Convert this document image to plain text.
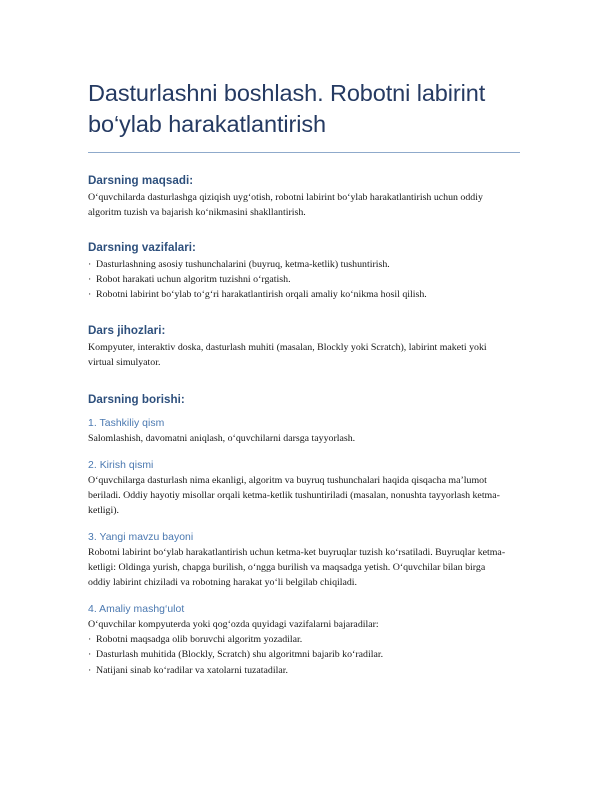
Dasturlashni boshlash. Robotni labirint bo‘ylab harakatlantirish
Darsning maqsadi:

O‘quvchilarda dasturlashga qiziqish uyg‘otish, robotni labirint bo‘ylab harakatlantirish uchun oddiy algoritm tuzish va bajarish ko‘nikmasini shakllantirish.

Darsning vazifalari:
· Dasturlashning asosiy tushunchalarini (buyruq, ketma-ketlik) tushuntirish.
· Robot harakati uchun algoritm tuzishni o‘rgatish.
· Robotni labirint bo‘ylab to‘g‘ri harakatlantirish orqali amaliy ko‘nikma hosil qilish.
Dars jihozlari:

Kompyuter, interaktiv doska, dasturlash muhiti (masalan, Blockly yoki Scratch), labirint maketi yoki virtual simulyator.

Darsning borishi:
1. Tashkiliy qism

Salomlashish, davomatni aniqlash, o‘quvchilarni darsga tayyorlash.

2. Kirish qismi

O‘quvchilarga dasturlash nima ekanligi, algoritm va buyruq tushunchalari haqida qisqacha ma’lumot beriladi. Oddiy hayotiy misollar orqali ketma-ketlik tushuntiriladi (masalan, nonushta tayyorlash ketma-ketligi).

3. Yangi mavzu bayoni

Robotni labirint bo‘ylab harakatlantirish uchun ketma-ket buyruqlar tuzish ko‘rsatiladi. Buyruqlar ketma-ketligi: Oldinga yurish, chapga burilish, o‘ngga burilish va maqsadga yetish. O‘quvchilar bilan birga oddiy labirint chiziladi va robotning harakat yo‘li belgilab chiqiladi.

4. Amaliy mashg‘ulot

O‘quvchilar kompyuterda yoki qog‘ozda quyidagi vazifalarni bajaradilar:

· Robotni maqsadga olib boruvchi algoritm yozadilar.
· Dasturlash muhitida (Blockly, Scratch) shu algoritmni bajarib ko‘radilar.
· Natijani sinab ko‘radilar va xatolarni tuzatadilar.
